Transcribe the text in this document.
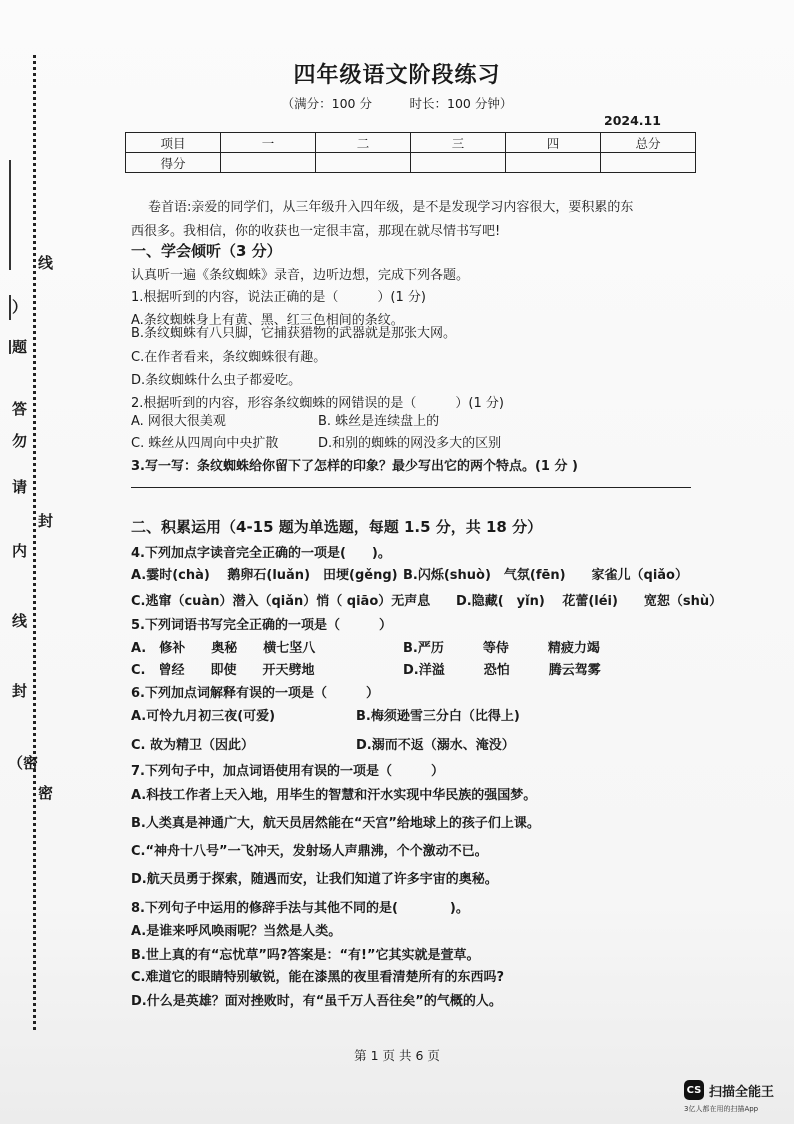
线
题
答
勿
请
内
线
封
封
密
（密
）
四年级语文阶段练习
（满分：100 分　　　时长：100 分钟）
2024.11
项目	一	二	三	四	总分
得分					
卷首语:亲爱的同学们，从三年级升入四年级，是不是发现学习内容很大，要积累的东
西很多。我相信，你的收获也一定很丰富，那现在就尽情书写吧!
一、学会倾听（3 分）
认真听一遍《条纹蜘蛛》录音，边听边想，完成下列各题。
1.根据听到的内容，说法正确的是（　　　）(1 分)
A.条纹蜘蛛身上有黄、黑、红三色相间的条纹。
B.条纹蜘蛛有八只脚，它捕获猎物的武器就是那张大网。
C.在作者看来，条纹蜘蛛很有趣。
D.条纹蜘蛛什么虫子都爱吃。
2.根据听到的内容，形容条纹蜘蛛的网错误的是（　　　）(1 分)
A. 网很大很美观	B. 蛛丝是连续盘上的
C. 蛛丝从四周向中央扩散	D.和别的蜘蛛的网没多大的区别
3.写一写：条纹蜘蛛给你留下了怎样的印象？最少写出它的两个特点。(1 分 )
二、积累运用（4-15 题为单选题，每题 1.5 分，共 18 分）
4.下列加点字读音完全正确的一项是(　　)。
A.霎时(chà)　 鹅卵石(luǎn)　田埂(gěng) B.闪烁(shuò)　气氛(fēn)　　家雀儿（qiǎo）
C.逃窜（cuàn）潜入（qiǎn）悄（ qiāo）无声息 D.隐藏(　yǐn)　 花蕾(léi)　　宽恕（shù）
5.下列词语书写完全正确的一项是（　　　）
A.　修补　　奥秘　　横七坚八	B.严历　　　等侍　　　精疲力竭
C.　曾经　　即使　　开天劈地	D.洋溢　　　恐怕　　　腾云驾雾
6.下列加点词解释有误的一项是（　　　）
A.可怜九月初三夜(可爱)	B.梅须逊雪三分白（比得上)
C. 故为精卫（因此）	D.溺而不返（溺水、淹没）
7.下列句子中，加点词语使用有误的一项是（　　　）
A.科技工作者上天入地，用毕生的智慧和汗水实现中华民族的强国梦。
B.人类真是神通广大，航天员居然能在“天宫”给地球上的孩子们上课。
C.“神舟十八号”一飞冲天，发射场人声鼎沸，个个激动不已。
D.航天员勇于探索，随遇而安，让我们知道了许多宇宙的奥秘。
8.下列句子中运用的修辞手法与其他不同的是(　　　　)。
A.是谁来呼风唤雨呢？当然是人类。
B.世上真的有“忘忧草”吗?答案是：“有!”它其实就是萱草。
C.难道它的眼睛特别敏锐，能在漆黑的夜里看清楚所有的东西吗?
D.什么是英雄？面对挫败时，有“虽千万人吾往矣”的气概的人。
第 1 页 共 6 页
CS 扫描全能王
3亿人都在用的扫描App
